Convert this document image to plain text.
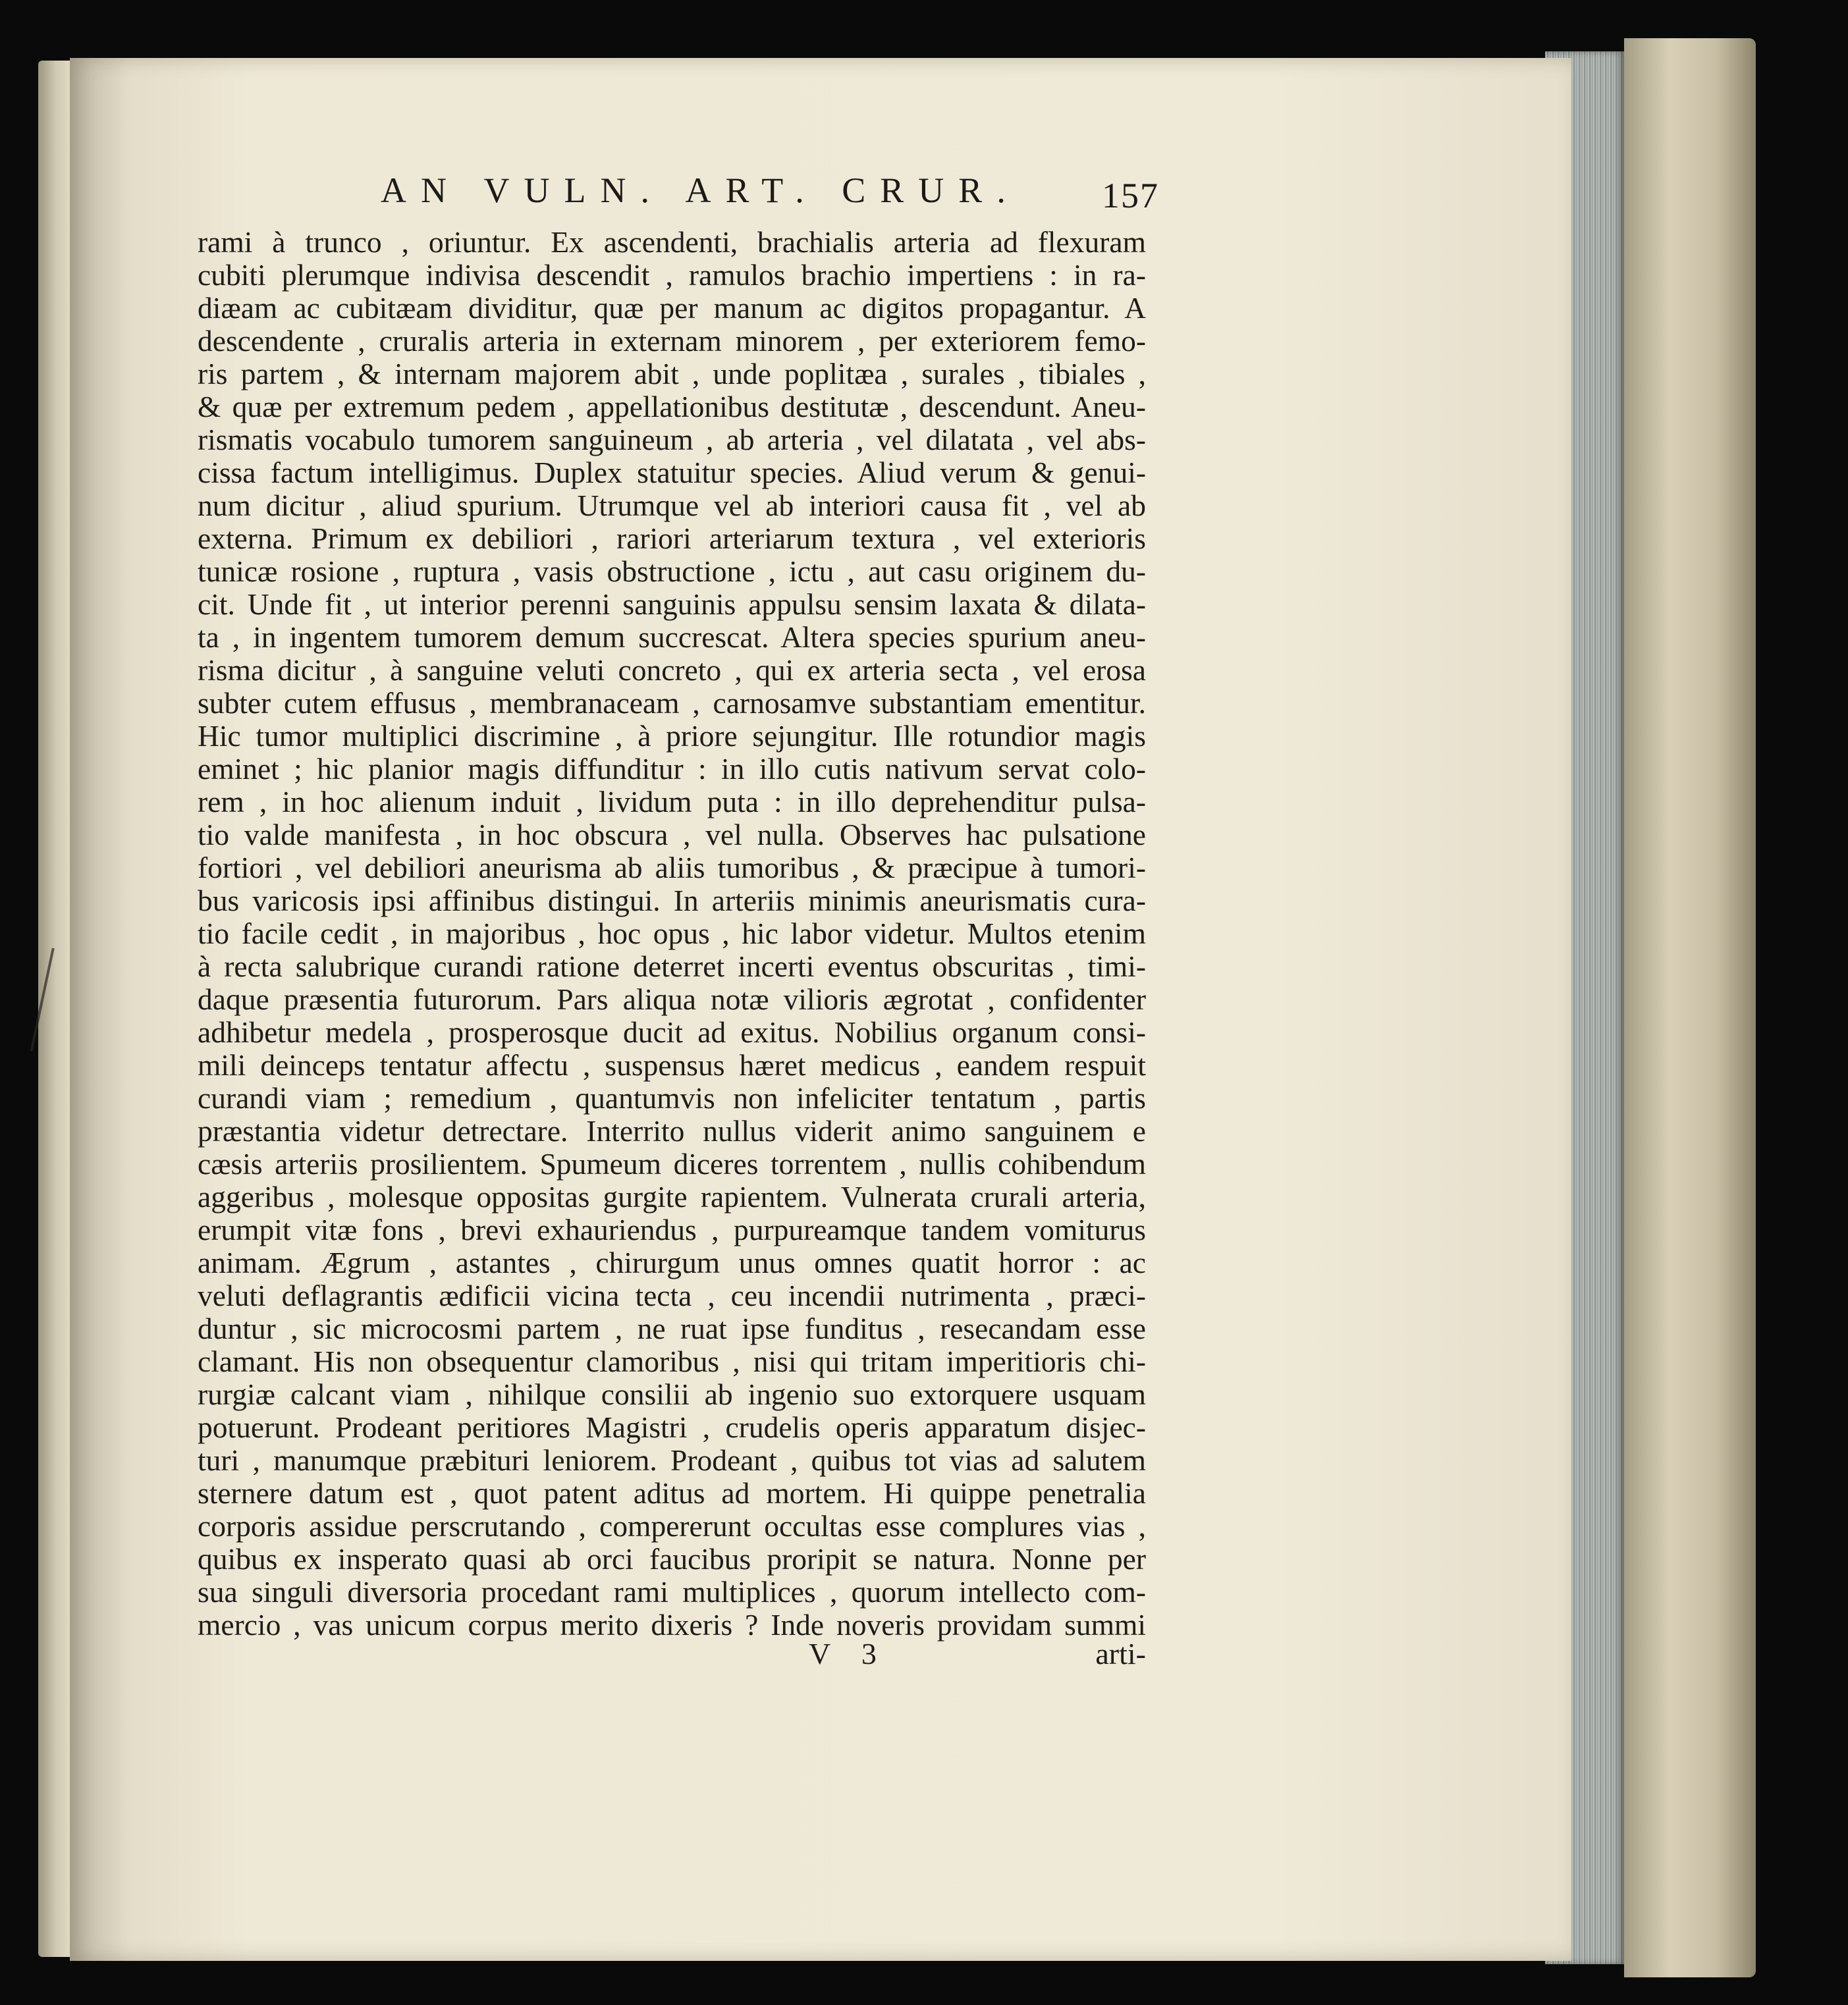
AN VULN. ART. CRUR. 157
rami à trunco , oriuntur. Ex ascendenti, brachialis arteria ad flexuram
cubiti plerumque indivisa descendit , ramulos brachio impertiens : in ra-
diæam ac cubitæam dividitur, quæ per manum ac digitos propagantur. A
descendente , cruralis arteria in externam minorem , per exteriorem femo-
ris partem , & internam majorem abit , unde poplitæa , surales , tibiales ,
& quæ per extremum pedem , appellationibus destitutæ , descendunt. Aneu-
rismatis vocabulo tumorem sanguineum , ab arteria , vel dilatata , vel abs-
cissa factum intelligimus. Duplex statuitur species. Aliud verum & genui-
num dicitur , aliud spurium. Utrumque vel ab interiori causa fit , vel ab
externa. Primum ex debiliori , rariori arteriarum textura , vel exterioris
tunicæ rosione , ruptura , vasis obstructione , ictu , aut casu originem du-
cit. Unde fit , ut interior perenni sanguinis appulsu sensim laxata & dilata-
ta , in ingentem tumorem demum succrescat. Altera species spurium aneu-
risma dicitur , à sanguine veluti concreto , qui ex arteria secta , vel erosa
subter cutem effusus , membranaceam , carnosamve substantiam ementitur.
Hic tumor multiplici discrimine , à priore sejungitur. Ille rotundior magis
eminet ; hic planior magis diffunditur : in illo cutis nativum servat colo-
rem , in hoc alienum induit , lividum puta : in illo deprehenditur pulsa-
tio valde manifesta , in hoc obscura , vel nulla. Observes hac pulsatione
fortiori , vel debiliori aneurisma ab aliis tumoribus , & præcipue à tumori-
bus varicosis ipsi affinibus distingui. In arteriis minimis aneurismatis cura-
tio facile cedit , in majoribus , hoc opus , hic labor videtur. Multos etenim
à recta salubrique curandi ratione deterret incerti eventus obscuritas , timi-
daque præsentia futurorum. Pars aliqua notæ vilioris ægrotat , confidenter
adhibetur medela , prosperosque ducit ad exitus. Nobilius organum consi-
mili deinceps tentatur affectu , suspensus hæret medicus , eandem respuit
curandi viam ; remedium , quantumvis non infeliciter tentatum , partis
præstantia videtur detrectare. Interrito nullus viderit animo sanguinem e
cæsis arteriis prosilientem. Spumeum diceres torrentem , nullis cohibendum
aggeribus , molesque oppositas gurgite rapientem. Vulnerata crurali arteria,
erumpit vitæ fons , brevi exhauriendus , purpureamque tandem vomiturus
animam. Ægrum , astantes , chirurgum unus omnes quatit horror : ac
veluti deflagrantis ædificii vicina tecta , ceu incendii nutrimenta , præci-
duntur , sic microcosmi partem , ne ruat ipse funditus , resecandam esse
clamant. His non obsequentur clamoribus , nisi qui tritam imperitioris chi-
rurgiæ calcant viam , nihilque consilii ab ingenio suo extorquere usquam
potuerunt. Prodeant peritiores Magistri , crudelis operis apparatum disjec-
turi , manumque præbituri leniorem. Prodeant , quibus tot vias ad salutem
sternere datum est , quot patent aditus ad mortem. Hi quippe penetralia
corporis assidue perscrutando , compererunt occultas esse complures vias ,
quibus ex insperato quasi ab orci faucibus proripit se natura. Nonne per
sua singuli diversoria procedant rami multiplices , quorum intellecto com-
mercio , vas unicum corpus merito dixeris ? Inde noveris providam summi
V 3	arti-
